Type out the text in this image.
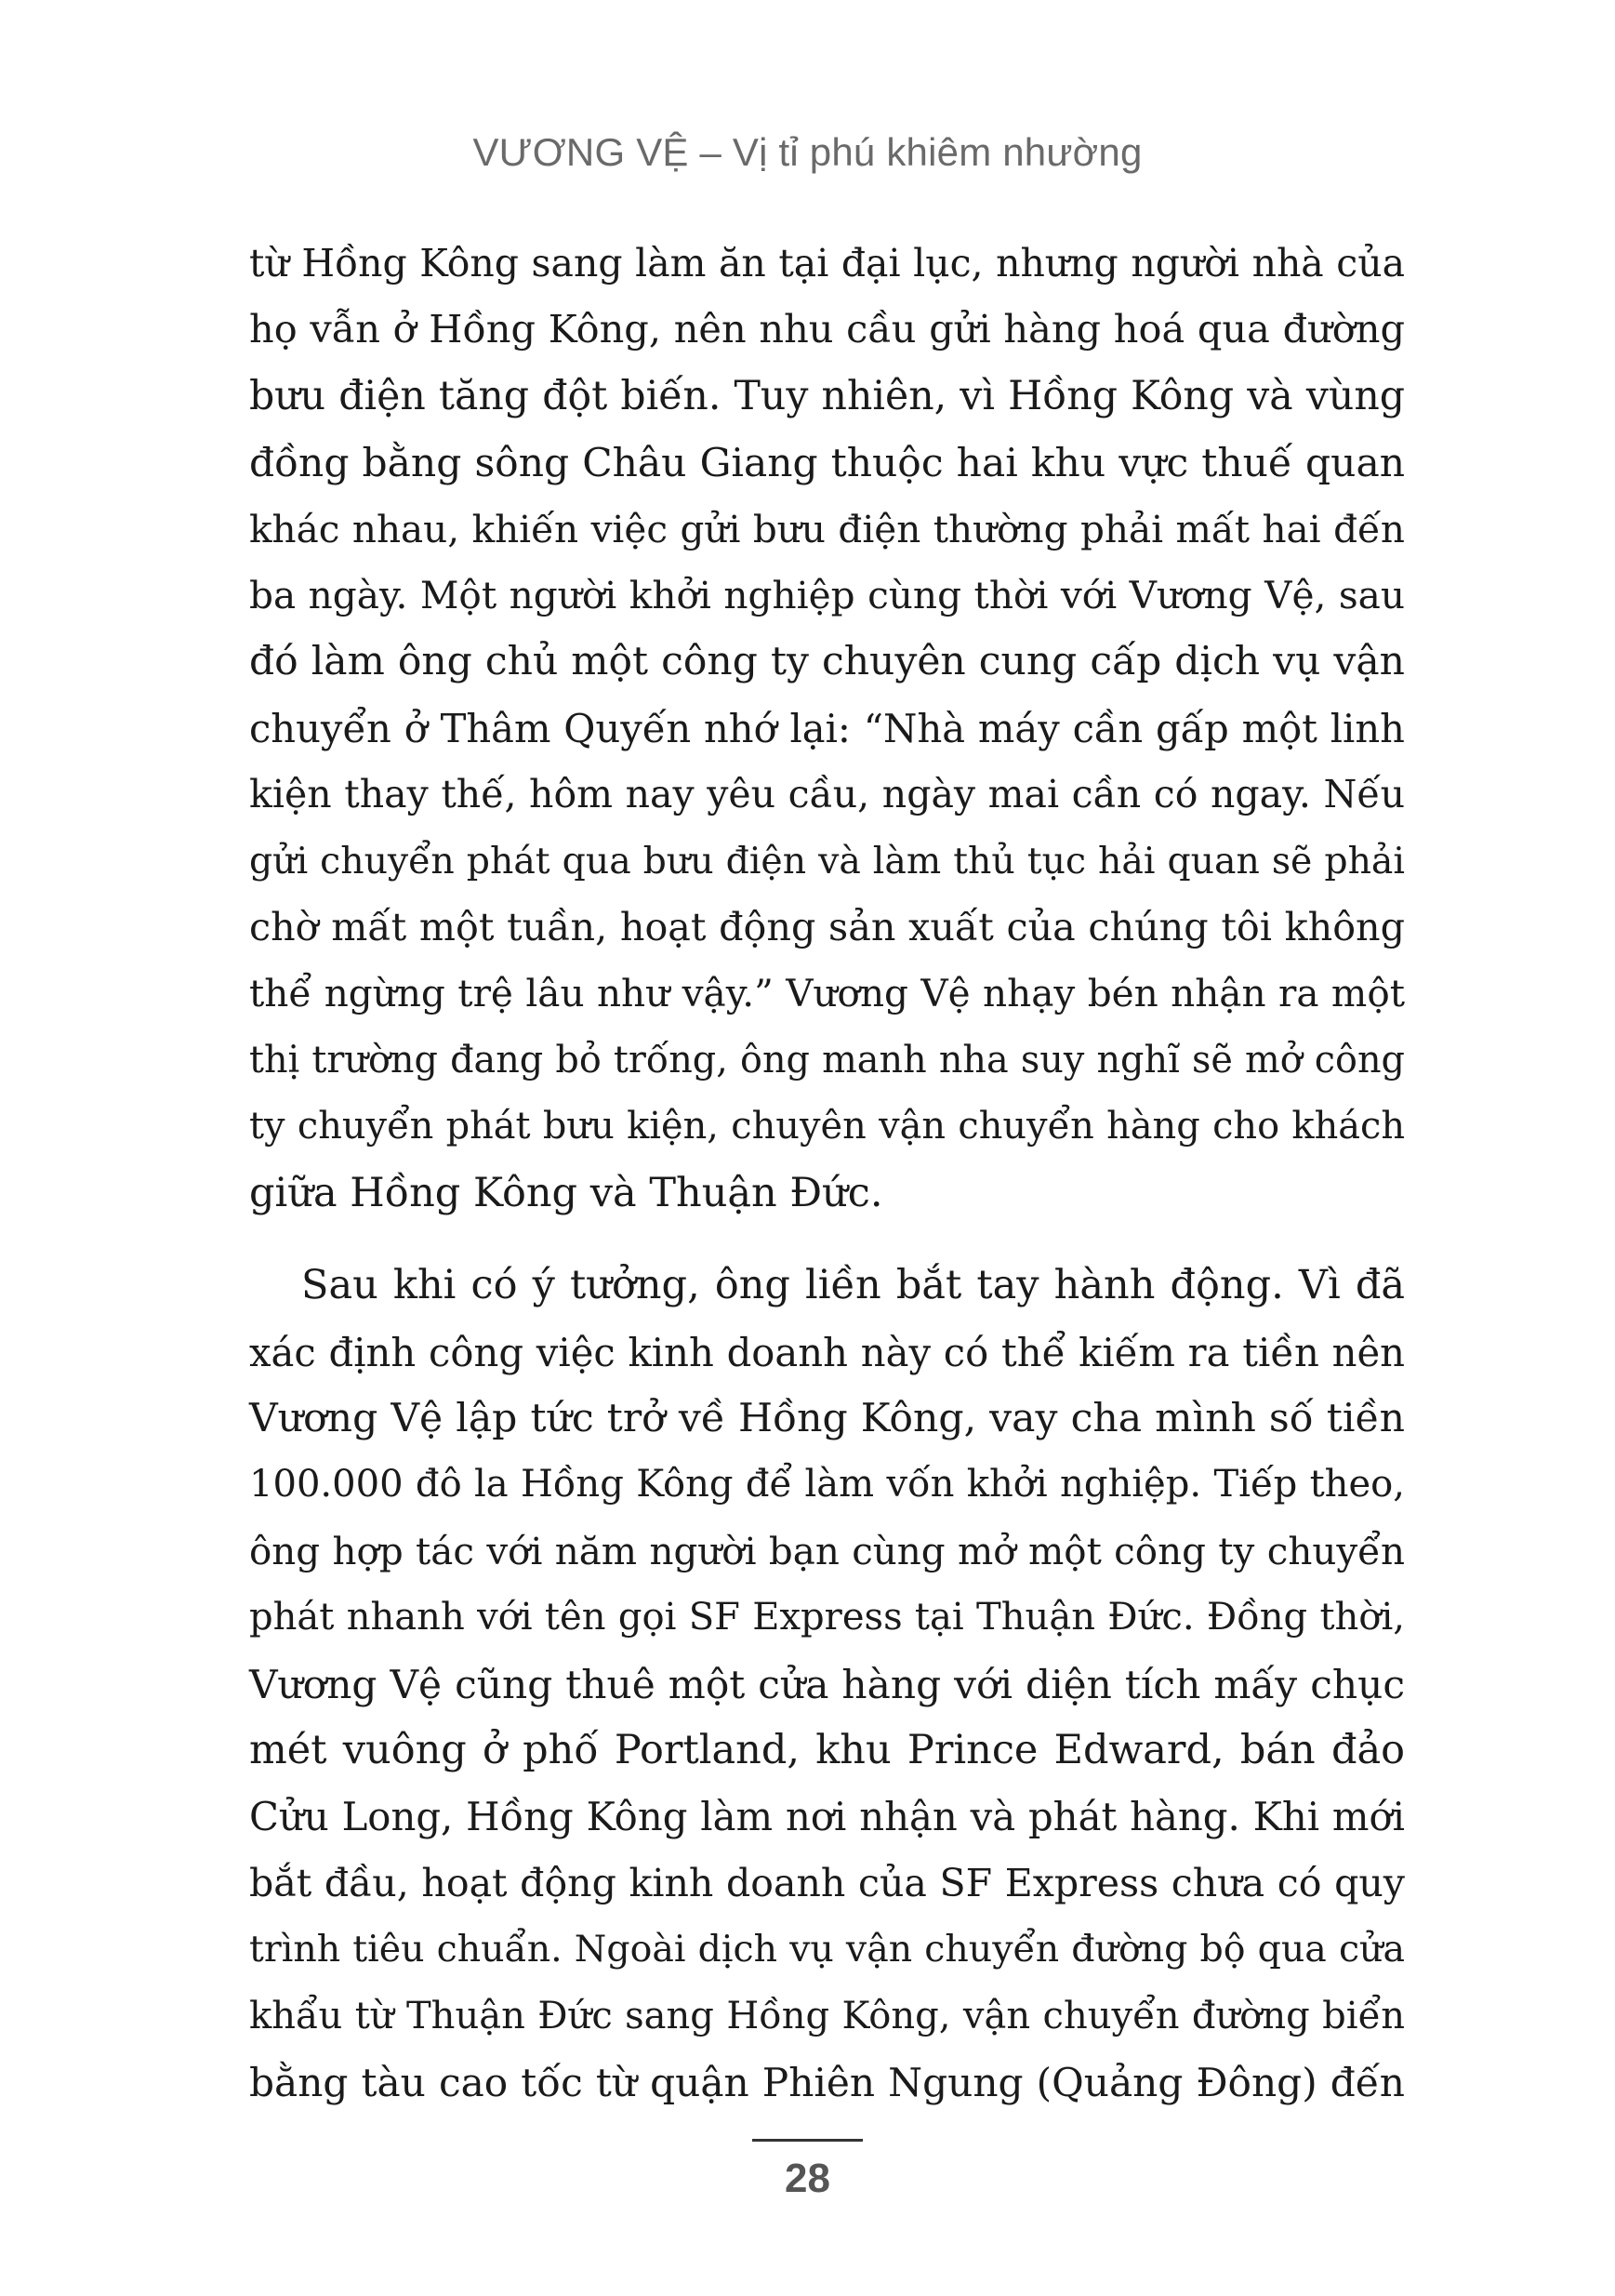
VƯƠNG VỆ – Vị tỉ phú khiêm nhường
từ Hồng Kông sang làm ăn tại đại lục, nhưng người nhà của
họ vẫn ở Hồng Kông, nên nhu cầu gửi hàng hoá qua đường
bưu điện tăng đột biến. Tuy nhiên, vì Hồng Kông và vùng
đồng bằng sông Châu Giang thuộc hai khu vực thuế quan
khác nhau, khiến việc gửi bưu điện thường phải mất hai đến
ba ngày. Một người khởi nghiệp cùng thời với Vương Vệ, sau
đó làm ông chủ một công ty chuyên cung cấp dịch vụ vận
chuyển ở Thâm Quyến nhớ lại: “Nhà máy cần gấp một linh
kiện thay thế, hôm nay yêu cầu, ngày mai cần có ngay. Nếu
gửi chuyển phát qua bưu điện và làm thủ tục hải quan sẽ phải
chờ mất một tuần, hoạt động sản xuất của chúng tôi không
thể ngừng trệ lâu như vậy.” Vương Vệ nhạy bén nhận ra một
thị trường đang bỏ trống, ông manh nha suy nghĩ sẽ mở công
ty chuyển phát bưu kiện, chuyên vận chuyển hàng cho khách
giữa Hồng Kông và Thuận Đức.
Sau khi có ý tưởng, ông liền bắt tay hành động. Vì đã
xác định công việc kinh doanh này có thể kiếm ra tiền nên
Vương Vệ lập tức trở về Hồng Kông, vay cha mình số tiền
100.000 đô la Hồng Kông để làm vốn khởi nghiệp. Tiếp theo,
ông hợp tác với năm người bạn cùng mở một công ty chuyển
phát nhanh với tên gọi SF Express tại Thuận Đức. Đồng thời,
Vương Vệ cũng thuê một cửa hàng với diện tích mấy chục
mét vuông ở phố Portland, khu Prince Edward, bán đảo
Cửu Long, Hồng Kông làm nơi nhận và phát hàng. Khi mới
bắt đầu, hoạt động kinh doanh của SF Express chưa có quy
trình tiêu chuẩn. Ngoài dịch vụ vận chuyển đường bộ qua cửa
khẩu từ Thuận Đức sang Hồng Kông, vận chuyển đường biển
bằng tàu cao tốc từ quận Phiên Ngung (Quảng Đông) đến
28
